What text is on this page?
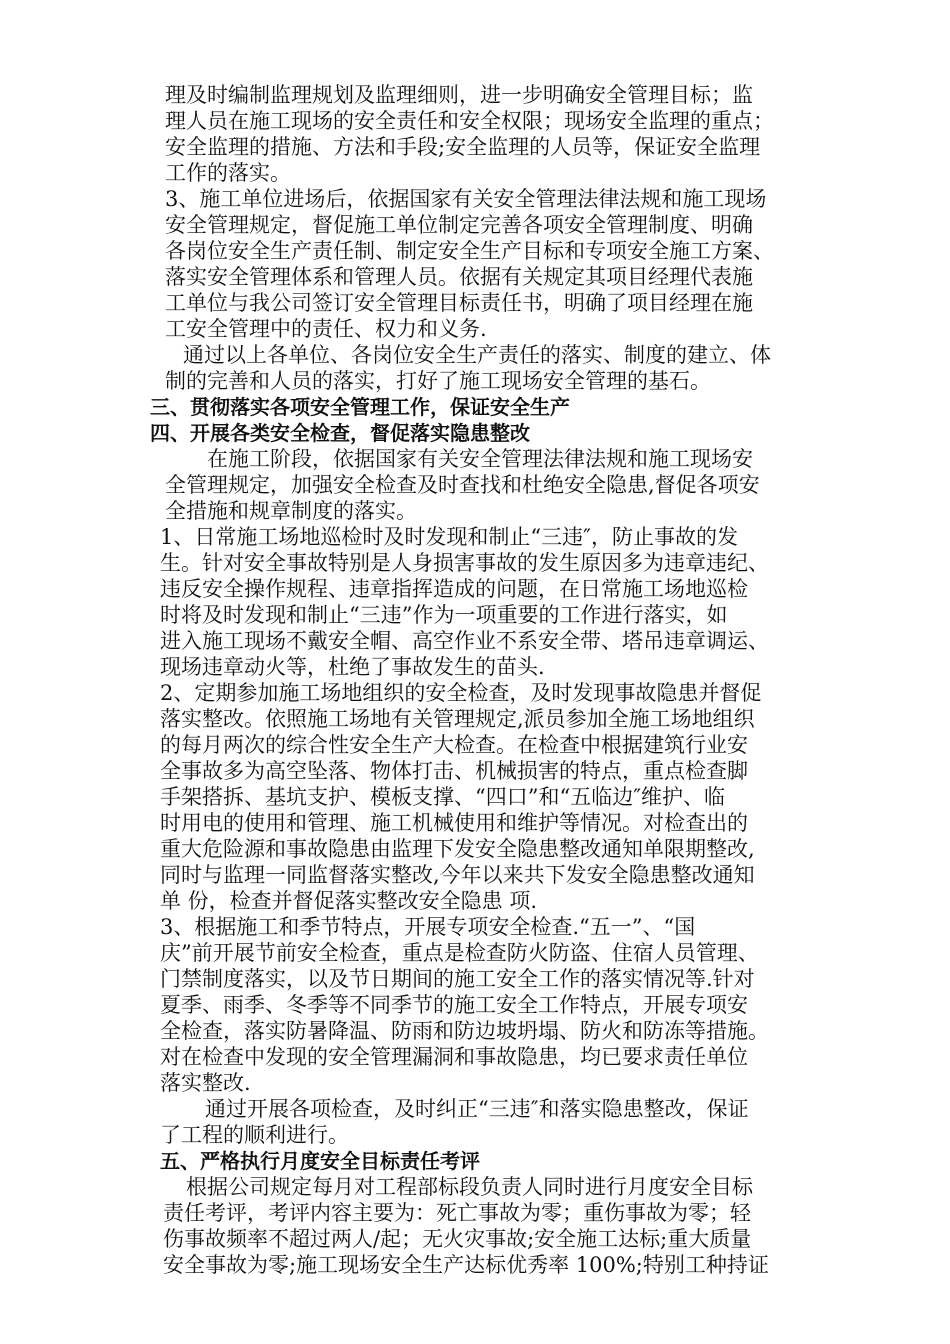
理及时编制监理规划及监理细则，进一步明确安全管理目标；监

理人员在施工现场的安全责任和安全权限；现场安全监理的重点；

安全监理的措施、方法和手段;安全监理的人员等，保证安全监理

工作的落实。

3、施工单位进场后，依据国家有关安全管理法律法规和施工现场

安全管理规定，督促施工单位制定完善各项安全管理制度、明确

各岗位安全生产责任制、制定安全生产目标和专项安全施工方案、

落实安全管理体系和管理人员。依据有关规定其项目经理代表施

工单位与我公司签订安全管理目标责任书，明确了项目经理在施

工安全管理中的责任、权力和义务.

通过以上各单位、各岗位安全生产责任的落实、制度的建立、体

制的完善和人员的落实，打好了施工现场安全管理的基石。

三、贯彻落实各项安全管理工作，保证安全生产

四、开展各类安全检查，督促落实隐患整改

在施工阶段，依据国家有关安全管理法律法规和施工现场安

全管理规定，加强安全检查及时查找和杜绝安全隐患,督促各项安

全措施和规章制度的落实。

1、日常施工场地巡检时及时发现和制止“三违″，防止事故的发

生。针对安全事故特别是人身损害事故的发生原因多为违章违纪、

违反安全操作规程、违章指挥造成的问题，在日常施工场地巡检

时将及时发现和制止“三违”作为一项重要的工作进行落实，如

进入施工现场不戴安全帽、高空作业不系安全带、塔吊违章调运、

现场违章动火等，杜绝了事故发生的苗头.

2、定期参加施工场地组织的安全检查，及时发现事故隐患并督促

落实整改。依照施工场地有关管理规定,派员参加全施工场地组织

的每月两次的综合性安全生产大检查。在检查中根据建筑行业安

全事故多为高空坠落、物体打击、机械损害的特点，重点检查脚

手架搭拆、基坑支护、模板支撑、“四口”和“五临边″维护、临

时用电的使用和管理、施工机械使用和维护等情况。对检查出的

重大危险源和事故隐患由监理下发安全隐患整改通知单限期整改,

同时与监理一同监督落实整改,今年以来共下发安全隐患整改通知

单 份，检查并督促落实整改安全隐患 项.

3、根据施工和季节特点，开展专项安全检查.“五一”、“国

庆”前开展节前安全检查，重点是检查防火防盗、住宿人员管理、

门禁制度落实，以及节日期间的施工安全工作的落实情况等.针对

夏季、雨季、冬季等不同季节的施工安全工作特点，开展专项安

全检查，落实防暑降温、防雨和防边坡坍塌、防火和防冻等措施。

对在检查中发现的安全管理漏洞和事故隐患，均已要求责任单位

落实整改.

通过开展各项检查，及时纠正“三违″和落实隐患整改，保证

了工程的顺利进行。

五、严格执行月度安全目标责任考评

根据公司规定每月对工程部标段负责人同时进行月度安全目标

责任考评，考评内容主要为：死亡事故为零；重伤事故为零；轻

伤事故频率不超过两人/起；无火灾事故;安全施工达标;重大质量

安全事故为零;施工现场安全生产达标优秀率 100%;特别工种持证
